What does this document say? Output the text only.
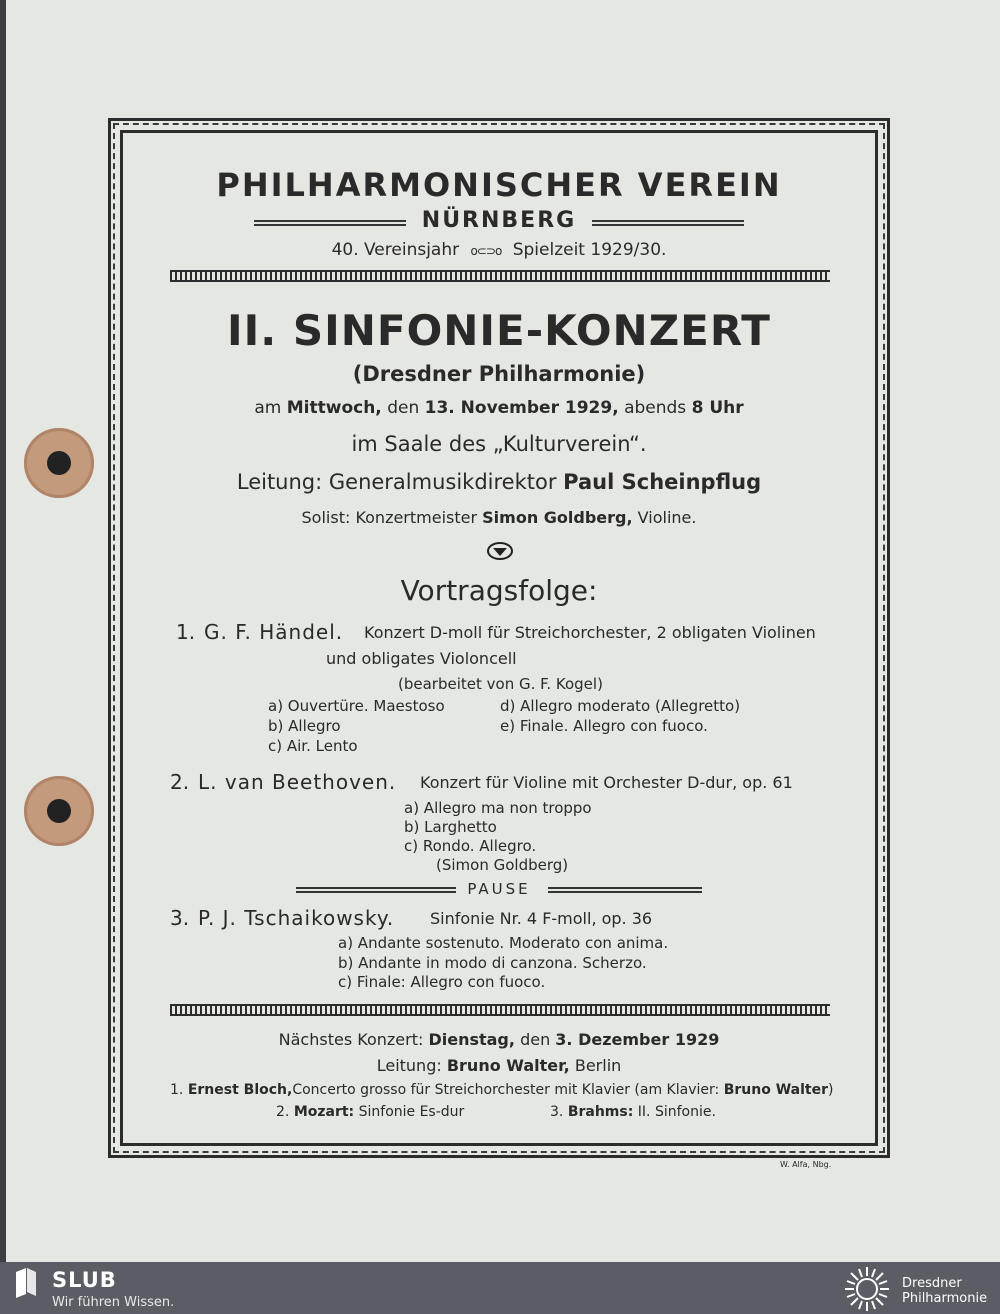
PHILHARMONISCHER VEREIN
NÜRNBERG
40. Vereinsjahr o⊂⊃o Spielzeit 1929/30.
II. SINFONIE-KONZERT
(Dresdner Philharmonie)
am Mittwoch, den 13. November 1929, abends 8 Uhr
im Saale des „Kulturverein“.
Leitung: Generalmusikdirektor Paul Scheinpflug
Solist: Konzertmeister Simon Goldberg, Violine.
Vortragsfolge:
1. G. F. Händel. Konzert D-moll für Streichorchester, 2 obligaten Violinen
und obligates Violoncell
(bearbeitet von G. F. Kogel)
a) Ouvertüre. Maestoso
b) Allegro
c) Air. Lento
d) Allegro moderato (Allegretto)
e) Finale. Allegro con fuoco.
2. L. van Beethoven. Konzert für Violine mit Orchester D-dur, op. 61
a) Allegro ma non troppo
b) Larghetto
c) Rondo. Allegro.
(Simon Goldberg)
PAUSE
3. P. J. Tschaikowsky. Sinfonie Nr. 4 F-moll, op. 36
a) Andante sostenuto. Moderato con anima.
b) Andante in modo di canzona. Scherzo.
c) Finale: Allegro con fuoco.
Nächstes Konzert: Dienstag, den 3. Dezember 1929
Leitung: Bruno Walter, Berlin
1. Ernest Bloch,Concerto grosso für Streichorchester mit Klavier (am Klavier: Bruno Walter)
2. Mozart: Sinfonie Es-dur	3. Brahms: II. Sinfonie.
W. Alfa, Nbg.
SLUB
Wir führen Wissen.
Dresdner
Philharmonie
